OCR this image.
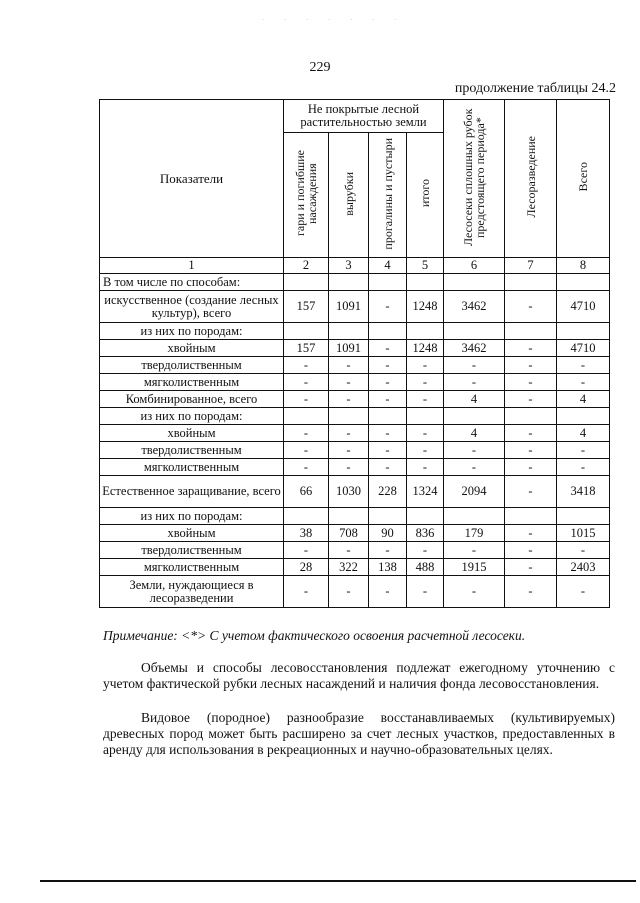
· · · · · · ·
229
продолжение таблицы 24.2
Показатели	Не покрытые лесной растительностью земли				Лесосеки сплошных рубок предстоящего периода*	Лесоразведение	Всего
	гари и погибшие насаждения	вырубки	прогалины и пустыри	итого			
1	2	3	4	5	6	7	8
В том числе по способам:							
искусственное (создание лесных культур), всего	157	1091	-	1248	3462	-	4710
из них по породам:							
хвойным	157	1091	-	1248	3462	-	4710
твердолиственным	-	-	-	-	-	-	-
мягколиственным	-	-	-	-	-	-	-
Комбинированное, всего	-	-	-	-	4	-	4
из них по породам:							
хвойным	-	-	-	-	4	-	4
твердолиственным	-	-	-	-	-	-	-
мягколиственным	-	-	-	-	-	-	-
Естественное заращивание, всего	66	1030	228	1324	2094	-	3418
из них по породам:							
хвойным	38	708	90	836	179	-	1015
твердолиственным	-	-	-	-	-	-	-
мягколиственным	28	322	138	488	1915	-	2403
Земли, нуждающиеся в лесоразведении	-	-	-	-	-	-	-
Примечание: <*> С учетом фактического освоения расчетной лесосеки.
Объемы и способы лесовосстановления подлежат ежегодному уточнению с учетом фактической рубки лесных насаждений и наличия фонда лесовосстановления.
Видовое (породное) разнообразие восстанавливаемых (культивируемых) древесных пород может быть расширено за счет лесных участков, предоставленных в аренду для использования в рекреационных и научно-образовательных целях.
